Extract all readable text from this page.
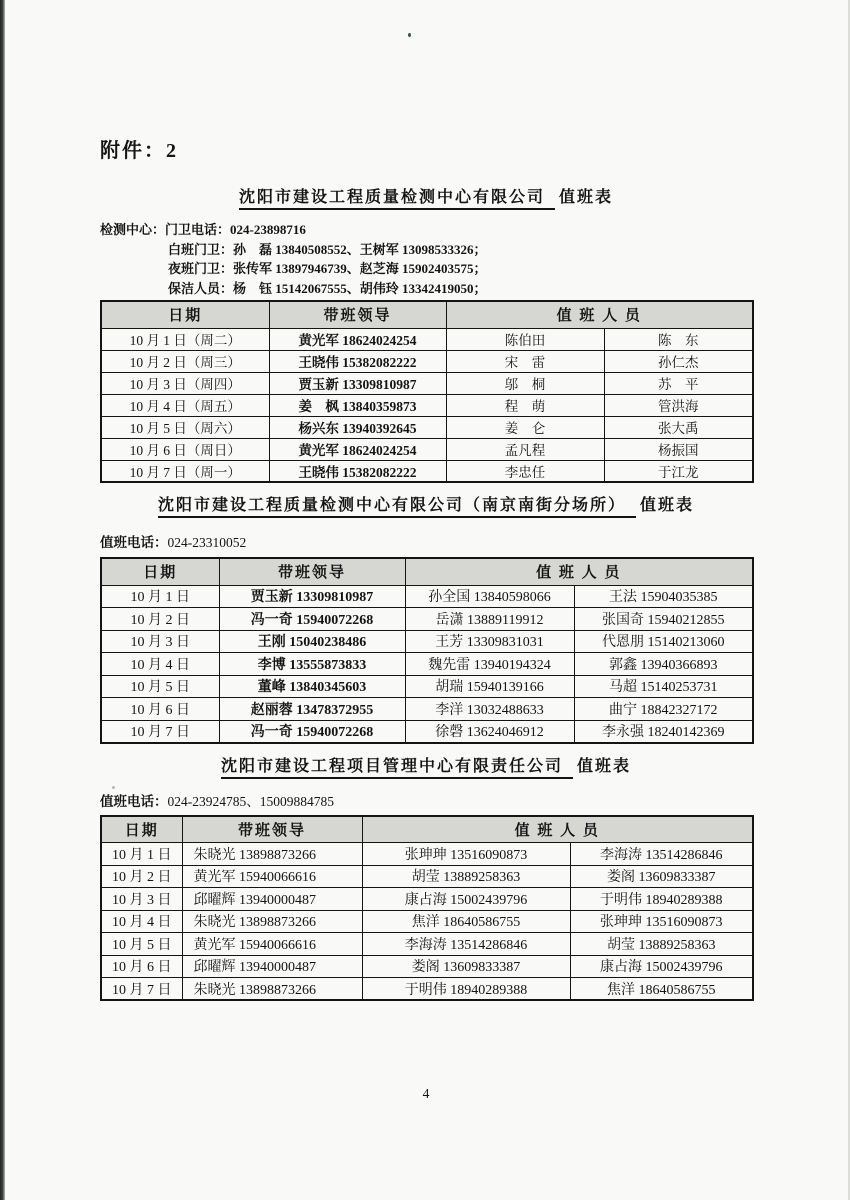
附件：2
沈阳市建设工程质量检测中心有限公司 值班表
检测中心：门卫电话：024-23898716
白班门卫：孙　磊 13840508552、王树军 13098533326；
夜班门卫：张传军 13897946739、赵芝海 15902403575；
保洁人员：杨　钰 15142067555、胡伟玲 13342419050；
日期	带班领导	值 班 人 员	
10 月 1 日（周二）	黄光军 18624024254	陈伯田	陈　东
10 月 2 日（周三）	王晓伟 15382082222	宋　雷	孙仁杰
10 月 3 日（周四）	贾玉新 13309810987	邬　桐	苏　平
10 月 4 日（周五）	姜　枫 13840359873	程　萌	管洪海
10 月 5 日（周六）	杨兴东 13940392645	姜　仑	张大禹
10 月 6 日（周日）	黄光军 18624024254	孟凡程	杨振国
10 月 7 日（周一）	王晓伟 15382082222	李忠任	于江龙
沈阳市建设工程质量检测中心有限公司（南京南街分场所） 值班表
值班电话：024-23310052
日期	带班领导	值 班 人 员	
10 月 1 日	贾玉新 13309810987	孙全国 13840598066	王法 15904035385
10 月 2 日	冯一奇 15940072268	岳潇 13889119912	张国奇 15940212855
10 月 3 日	王刚 15040238486	王芳 13309831031	代恩朋 15140213060
10 月 4 日	李博 13555873833	魏先雷 13940194324	郭鑫 13940366893
10 月 5 日	董峰 13840345603	胡瑞 15940139166	马超 15140253731
10 月 6 日	赵丽蓉 13478372955	李洋 13032488633	曲宁 18842327172
10 月 7 日	冯一奇 15940072268	徐磬 13624046912	李永强 18240142369
沈阳市建设工程项目管理中心有限责任公司 值班表
值班电话：024-23924785、15009884785
日期	带班领导	值 班 人 员	
10 月 1 日	朱晓光 13898873266	张珅珅 13516090873	李海涛 13514286846
10 月 2 日	黄光军 15940066616	胡莹 13889258363	娄阁 13609833387
10 月 3 日	邱曜辉 13940000487	康占海 15002439796	于明伟 18940289388
10 月 4 日	朱晓光 13898873266	焦洋 18640586755	张珅珅 13516090873
10 月 5 日	黄光军 15940066616	李海涛 13514286846	胡莹 13889258363
10 月 6 日	邱曜辉 13940000487	娄阁 13609833387	康占海 15002439796
10 月 7 日	朱晓光 13898873266	于明伟 18940289388	焦洋 18640586755
4
